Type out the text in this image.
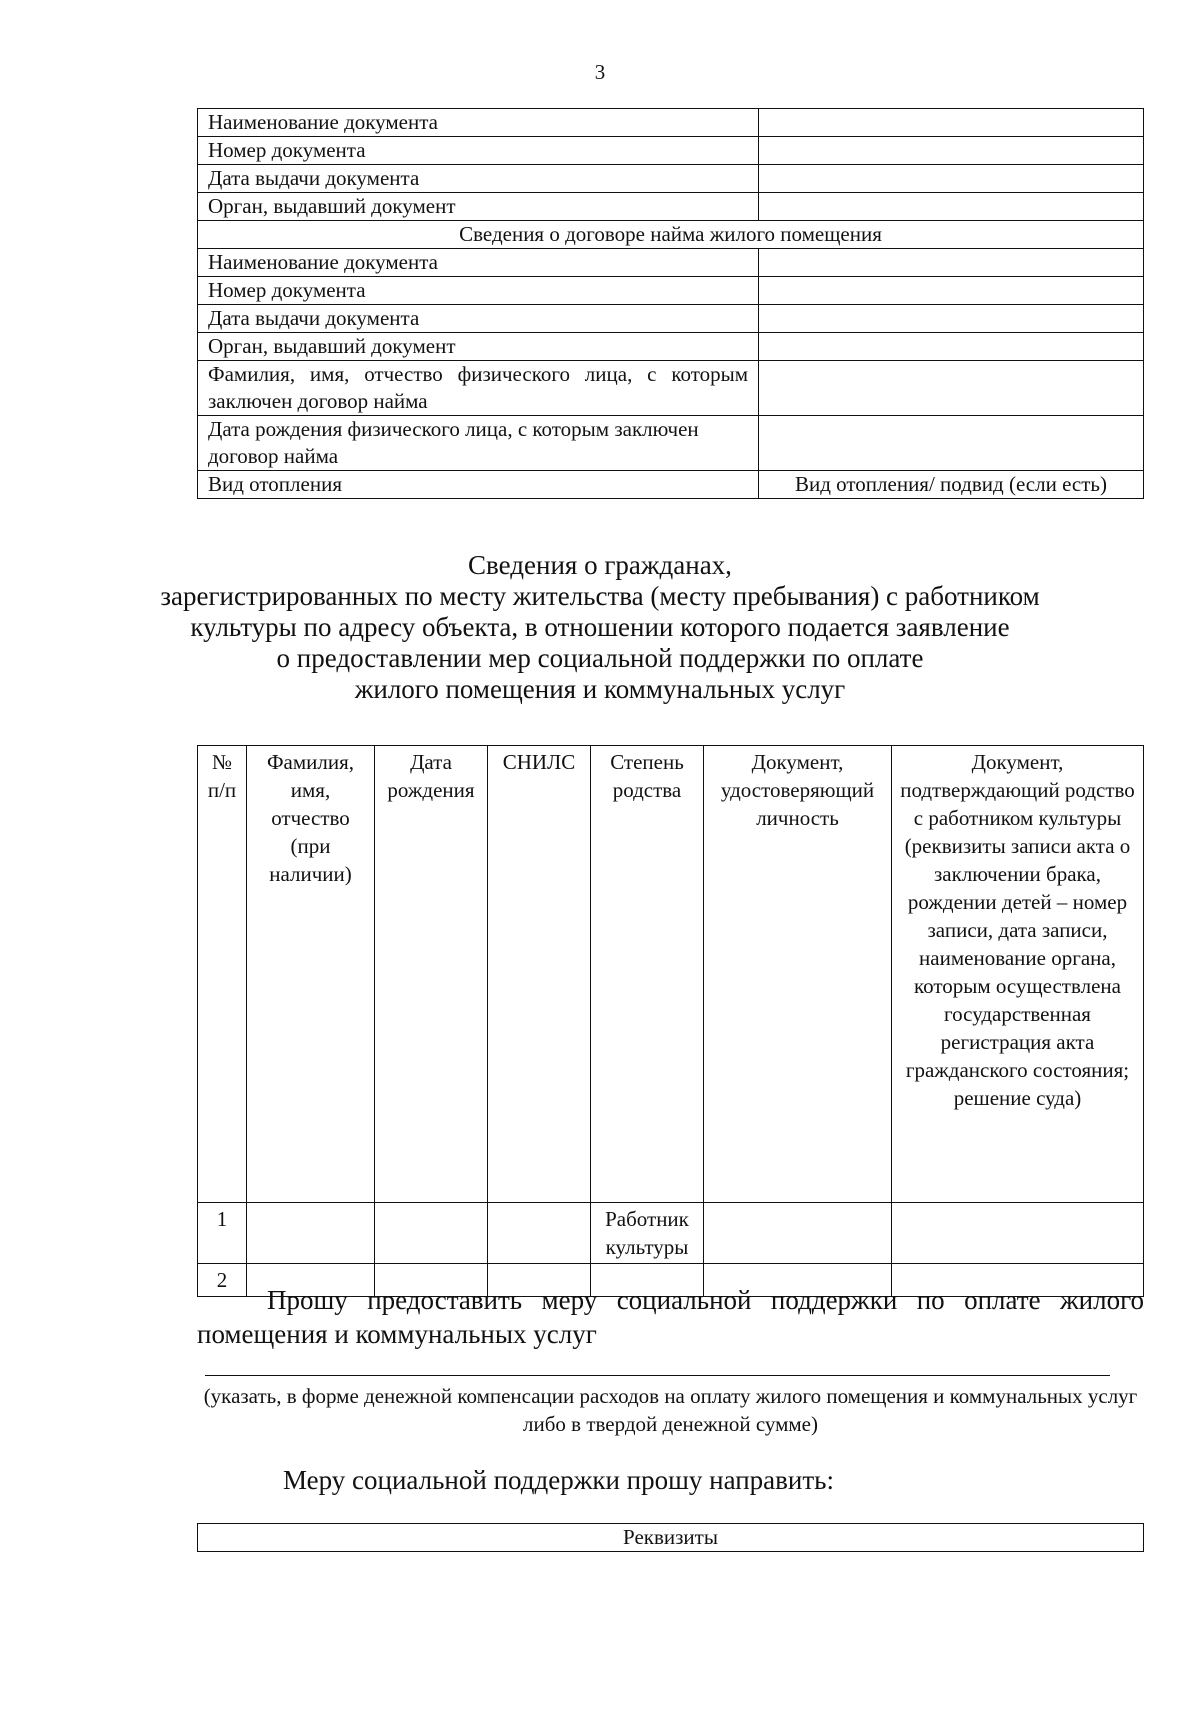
3
Наименование документа	
Номер документа	
Дата выдачи документа	
Орган, выдавший документ	
Сведения о договоре найма жилого помещения	
Наименование документа	
Номер документа	
Дата выдачи документа	
Орган, выдавший документ	
Фамилия, имя, отчество физического лица, с которым заключен договор найма	
Дата рождения физического лица, с которым заключен договор найма	
Вид отопления	Вид отопления/ подвид (если есть)
Сведения о гражданах,
зарегистрированных по месту жительства (месту пребывания) с работником
культуры по адресу объекта, в отношении которого подается заявление
о предоставлении мер социальной поддержки по оплате
жилого помещения и коммунальных услуг
№ п/п	Фамилия, имя, отчество (при наличии)	Дата рождения	СНИЛС	Степень родства	Документ, удостоверяющий личность	Документ, подтверждающий родство с работником культуры (реквизиты записи акта о заключении брака, рождении детей – номер записи, дата записи, наименование органа, которым осуществлена государственная регистрация акта гражданского состояния; решение суда)
1				Работник культуры		
2						
Прошу предоставить меру социальной поддержки по оплате жилого помещения и коммунальных услуг
(указать, в форме денежной компенсации расходов на оплату жилого помещения и коммунальных услуг либо в твердой денежной сумме)
Меру социальной поддержки прошу направить:
Реквизиты
